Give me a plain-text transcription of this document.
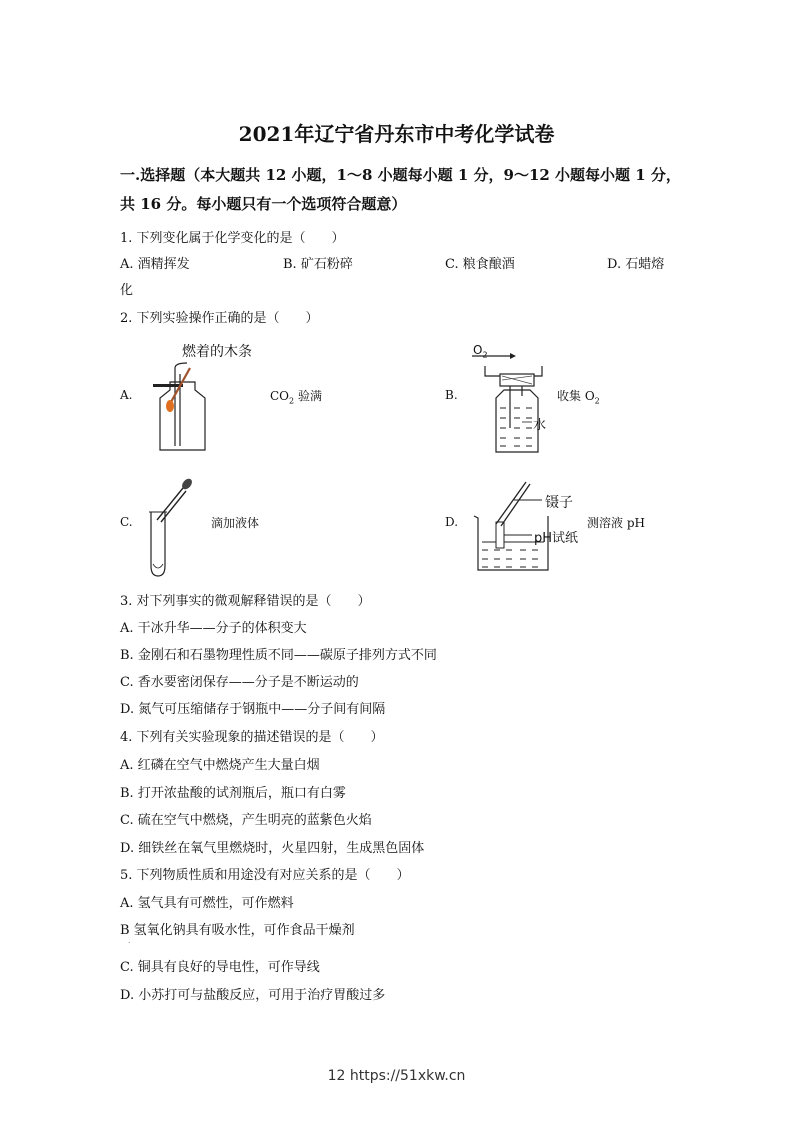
2021年辽宁省丹东市中考化学试卷
一.选择题（本大题共 12 小题，1～8 小题每小题 1 分，9～12 小题每小题 1 分，
共 16 分。每小题只有一个选项符合题意）
1. 下列变化属于化学变化的是（　　）
A. 酒精挥发	B. 矿石粉碎	C. 粮食酿酒	D. 石蜡熔
化
2. 下列实验操作正确的是（　　）
燃着的木条
A.	$CO_2$ 验满
$O_2$
B.
水
收集 $O_2$
C.	滴加液体	D.
镊子
pH试纸
测溶液 pH
3. 对下列事实的微观解释错误的是（　　）
A. 干冰升华——分子的体积变大
B. 金刚石和石墨物理性质不同——碳原子排列方式不同
C. 香水要密闭保存——分子是不断运动的
D. 氮气可压缩储存于钢瓶中——分子间有间隔
4. 下列有关实验现象的描述错误的是（　　）
A. 红磷在空气中燃烧产生大量白烟
B. 打开浓盐酸的试剂瓶后，瓶口有白雾
C. 硫在空气中燃烧，产生明亮的蓝紫色火焰
D. 细铁丝在氧气里燃烧时，火星四射，生成黑色固体
5. 下列物质性质和用途没有对应关系的是（　　）
A. 氢气具有可燃性，可作燃料
B 氢氧化钠具有吸水性，可作食品干燥剂
.
C. 铜具有良好的导电性，可作导线
D. 小苏打可与盐酸反应，可用于治疗胃酸过多
12 https://51xkw.cn
